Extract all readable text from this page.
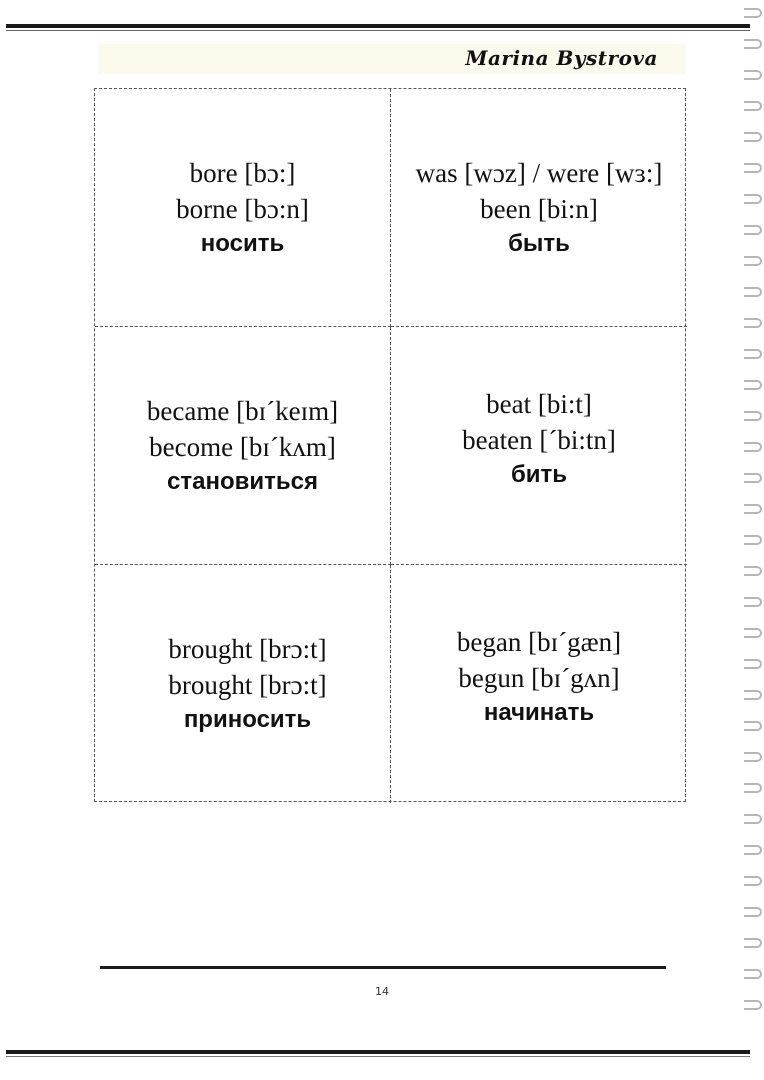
Marina Bystrova
bore [bɔ:]
borne [bɔ:n]
носить
was [wɔz] / were [wɜ:]
been [bi:n]
быть
became [bɪˊkeɪm]
become [bɪˊkʌm]
становиться
beat [bi:t]
beaten [ˊbi:tn]
бить
brought [brɔ:t]
brought [brɔ:t]
приносить
began [bɪˊgæn]
begun [bɪˊgʌn]
начинать
14
